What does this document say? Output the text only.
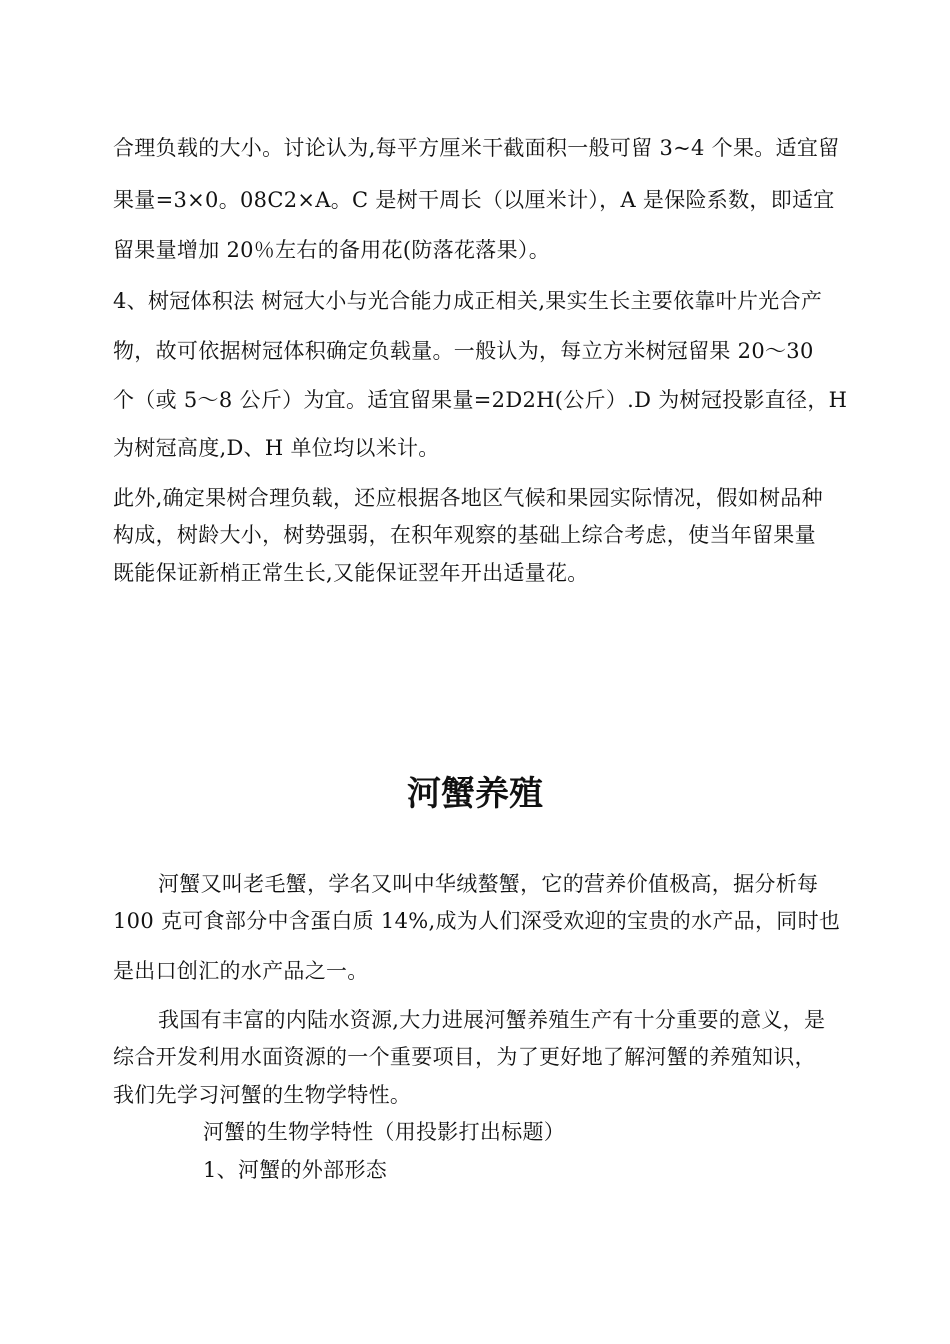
合理负载的大小。讨论认为,每平方厘米干截面积一般可留 3~4 个果。适宜留
果量=3×0。08C2×A。C 是树干周长（以厘米计），A 是保险系数，即适宜
留果量增加 20％左右的备用花(防落花落果）。
4、树冠体积法 树冠大小与光合能力成正相关,果实生长主要依靠叶片光合产
物，故可依据树冠体积确定负载量。一般认为，每立方米树冠留果 20～30
个（或 5～8 公斤）为宜。适宜留果量=2D2H(公斤）.D 为树冠投影直径，H
为树冠高度,D、H 单位均以米计。
此外,确定果树合理负载，还应根据各地区气候和果园实际情况，假如树品种
构成，树龄大小，树势强弱，在积年观察的基础上综合考虑，使当年留果量
既能保证新梢正常生长,又能保证翌年开出适量花。
河蟹养殖
河蟹又叫老毛蟹，学名又叫中华绒螯蟹，它的营养价值极高，据分析每
100 克可食部分中含蛋白质 14%,成为人们深受欢迎的宝贵的水产品，同时也
是出口创汇的水产品之一。
我国有丰富的内陆水资源,大力进展河蟹养殖生产有十分重要的意义，是
综合开发利用水面资源的一个重要项目，为了更好地了解河蟹的养殖知识，
我们先学习河蟹的生物学特性。
河蟹的生物学特性（用投影打出标题）
1、河蟹的外部形态
